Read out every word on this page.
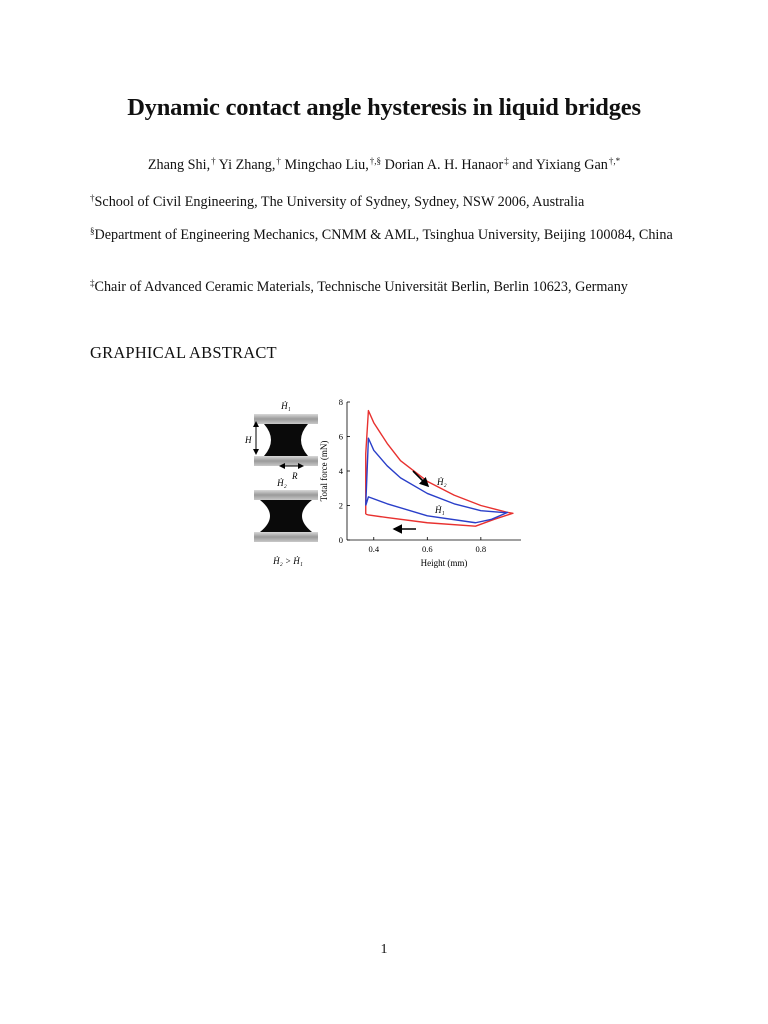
Dynamic contact angle hysteresis in liquid bridges
Zhang Shi,† Yi Zhang,† Mingchao Liu,†,§ Dorian A. H. Hanaor‡ and Yixiang Gan†,*
†School of Civil Engineering, The University of Sydney, Sydney, NSW 2006, Australia
§Department of Engineering Mechanics, CNMM & AML, Tsinghua University, Beijing 100084, China
‡Chair of Advanced Ceramic Materials, Technische Universität Berlin, Berlin 10623, Germany
GRAPHICAL ABSTRACT
Ḣ₁
H
R
Ḣ₂
Ḣ₂ > Ḣ₁
0.4	0.6	0.8
0
2
4
6
8
Height (mm)
Total force (mN)	Ḣ₂
Ḣ₁
1
